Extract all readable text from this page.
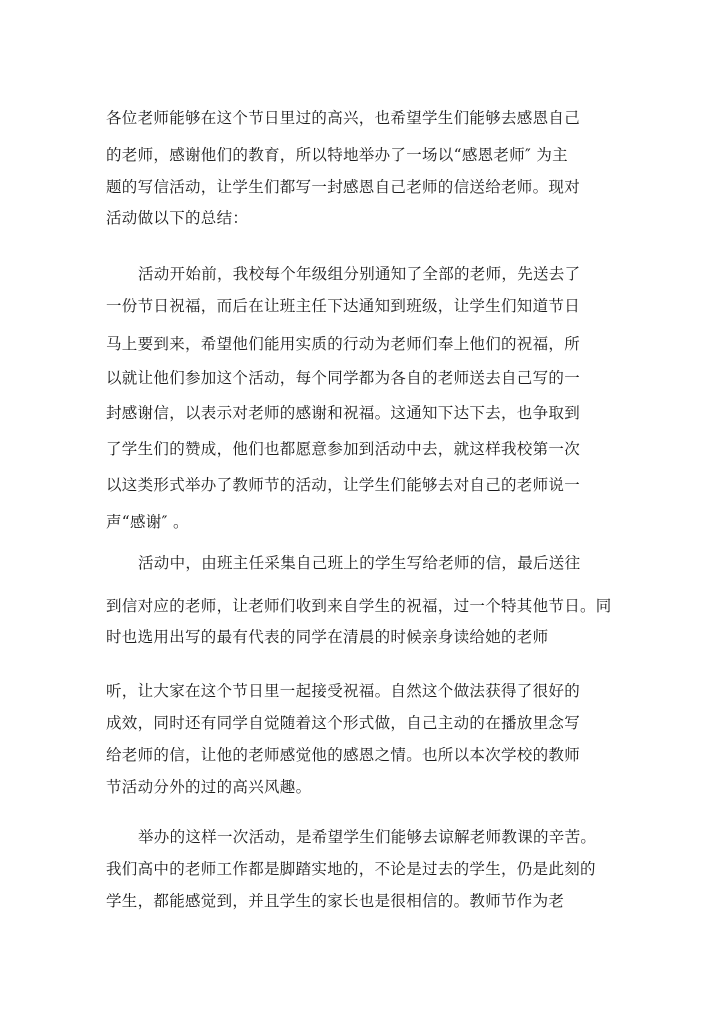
各位老师能够在这个节日里过的高兴，也希望学生们能够去感恩自己
的老师，感谢他们的教育，所以特地举办了一场以“感恩老师″ 为主
题的写信活动，让学生们都写一封感恩自己老师的信送给老师。现对
活动做以下的总结：
活动开始前，我校每个年级组分别通知了全部的老师，先送去了
一份节日祝福，而后在让班主任下达通知到班级，让学生们知道节日
马上要到来，希望他们能用实质的行动为老师们奉上他们的祝福，所
以就让他们参加这个活动，每个同学都为各自的老师送去自己写的一
封感谢信，以表示对老师的感谢和祝福。这通知下达下去，也争取到
了学生们的赞成，他们也都愿意参加到活动中去，就这样我校第一次
以这类形式举办了教师节的活动，让学生们能够去对自己的老师说一
声“感谢″ 。
活动中，由班主任采集自己班上的学生写给老师的信，最后送往
到信对应的老师，让老师们收到来自学生的祝福，过一个特其他节日。同
时也选用出写的最有代表的同学在清晨的时候亲身读给她的老师
听，让大家在这个节日里一起接受祝福。自然这个做法获得了很好的
成效，同时还有同学自觉随着这个形式做，自己主动的在播放里念写
给老师的信，让他的老师感觉他的感恩之情。也所以本次学校的教师
节活动分外的过的高兴风趣。
举办的这样一次活动，是希望学生们能够去谅解老师教课的辛苦。
我们高中的老师工作都是脚踏实地的，不论是过去的学生，仍是此刻的
学生，都能感觉到，并且学生的家长也是很相信的。教师节作为老
